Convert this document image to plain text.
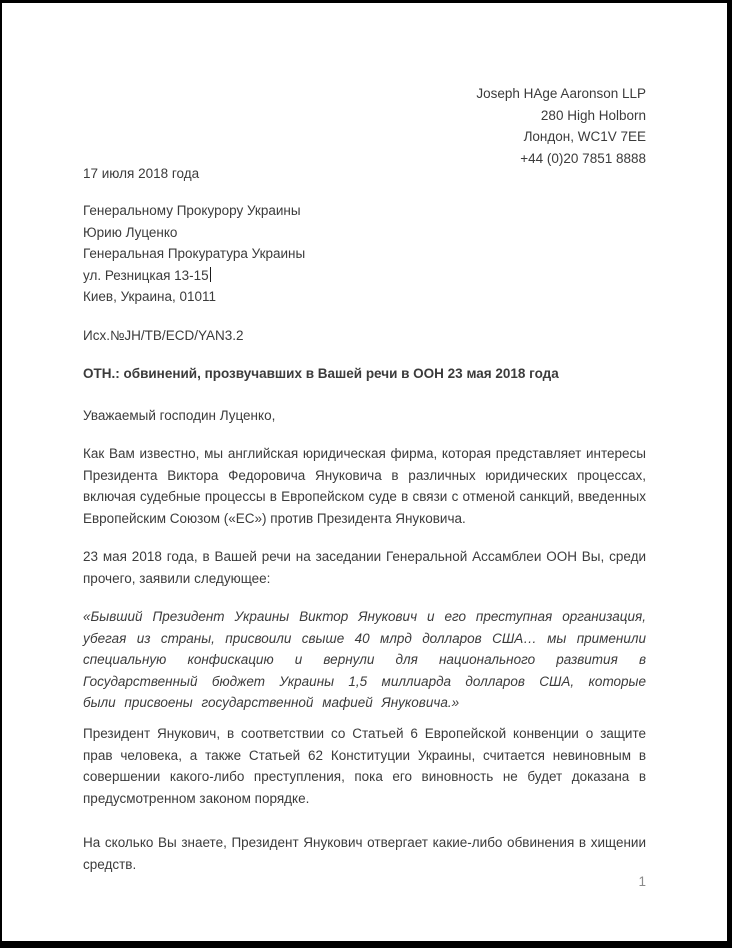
Joseph HAge Aaronson LLP
280 High Holborn
Лондон, WC1V 7EE
+44 (0)20 7851 8888
17 июля 2018 года
Генеральному Прокурору Украины
Юрию Луценко
Генеральная Прокуратура Украины
ул. Резницкая 13-15
Киев, Украина, 01011
Исх.№JH/TB/ECD/YAN3.2
ОТН.: обвинений, прозвучавших в Вашей речи в ООН 23 мая 2018 года
Уважаемый господин Луценко,
Как Вам известно, мы английская юридическая фирма, которая представляет интересы Президента Виктора Федоровича Януковича в различных юридических процессах, включая судебные процессы в Европейском суде в связи с отменой санкций, введенных Европейским Союзом («ЕС») против Президента Януковича.
23 мая 2018 года, в Вашей речи на заседании Генеральной Ассамблеи ООН Вы, среди прочего, заявили следующее:
«Бывший Президент Украины Виктор Янукович и его преступная организация, убегая из страны, присвоили свыше 40 млрд долларов США… мы применили специальную конфискацию и вернули для национального развития в Государственный бюджет Украины 1,5 миллиарда долларов США, которые были присвоены государственной мафией Януковича.»
Президент Янукович, в соответствии со Статьей 6 Европейской конвенции о защите прав человека, а также Статьей 62 Конституции Украины, считается невиновным в совершении какого-либо преступления, пока его виновность не будет доказана в предусмотренном законом порядке.
На сколько Вы знаете, Президент Янукович отвергает какие-либо обвинения в хищении средств.
1
